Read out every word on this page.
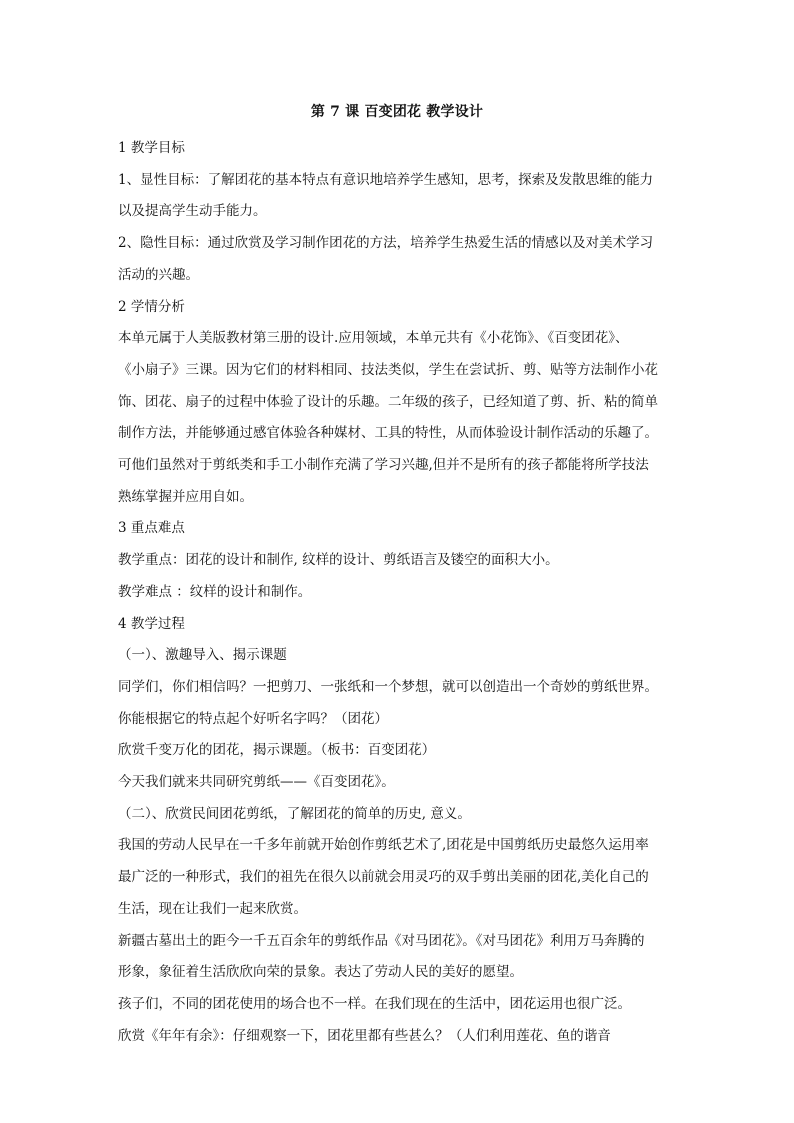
第 7 课 百变团花 教学设计

1 教学目标

1、显性目标：了解团花的基本特点有意识地培养学生感知，思考，探索及发散思维的能力

以及提高学生动手能力。

2、隐性目标：通过欣赏及学习制作团花的方法，培养学生热爱生活的情感以及对美术学习

活动的兴趣。

2 学情分析

本单元属于人美版教材第三册的设计.应用领域，本单元共有《小花饰》、《百变团花》、

《小扇子》三课。因为它们的材料相同、技法类似，学生在尝试折、剪、贴等方法制作小花

饰、团花、扇子的过程中体验了设计的乐趣。二年级的孩子，已经知道了剪、折、粘的简单

制作方法，并能够通过感官体验各种媒材、工具的特性，从而体验设计制作活动的乐趣了。

可他们虽然对于剪纸类和手工小制作充满了学习兴趣,但并不是所有的孩子都能将所学技法

熟练掌握并应用自如。

3 重点难点

教学重点：团花的设计和制作, 纹样的设计、剪纸语言及镂空的面积大小。

教学难点 ：纹样的设计和制作。

4 教学过程

（一）、激趣导入、揭示课题

同学们，你们相信吗？一把剪刀、一张纸和一个梦想，就可以创造出一个奇妙的剪纸世界。

你能根据它的特点起个好听名字吗？（团花）

欣赏千变万化的团花，揭示课题。（板书：百变团花）

今天我们就来共同研究剪纸——《百变团花》。

（二）、欣赏民间团花剪纸，了解团花的简单的历史, 意义。

我国的劳动人民早在一千多年前就开始创作剪纸艺术了,团花是中国剪纸历史最悠久运用率

最广泛的一种形式，我们的祖先在很久以前就会用灵巧的双手剪出美丽的团花,美化自己的

生活，现在让我们一起来欣赏。

新疆古墓出土的距今一千五百余年的剪纸作品《对马团花》。《对马团花》利用万马奔腾的

形象，象征着生活欣欣向荣的景象。表达了劳动人民的美好的愿望。

孩子们，不同的团花使用的场合也不一样。在我们现在的生活中，团花运用也很广泛。

欣赏《年年有余》：仔细观察一下，团花里都有些甚么？（人们利用莲花、鱼的谐音
